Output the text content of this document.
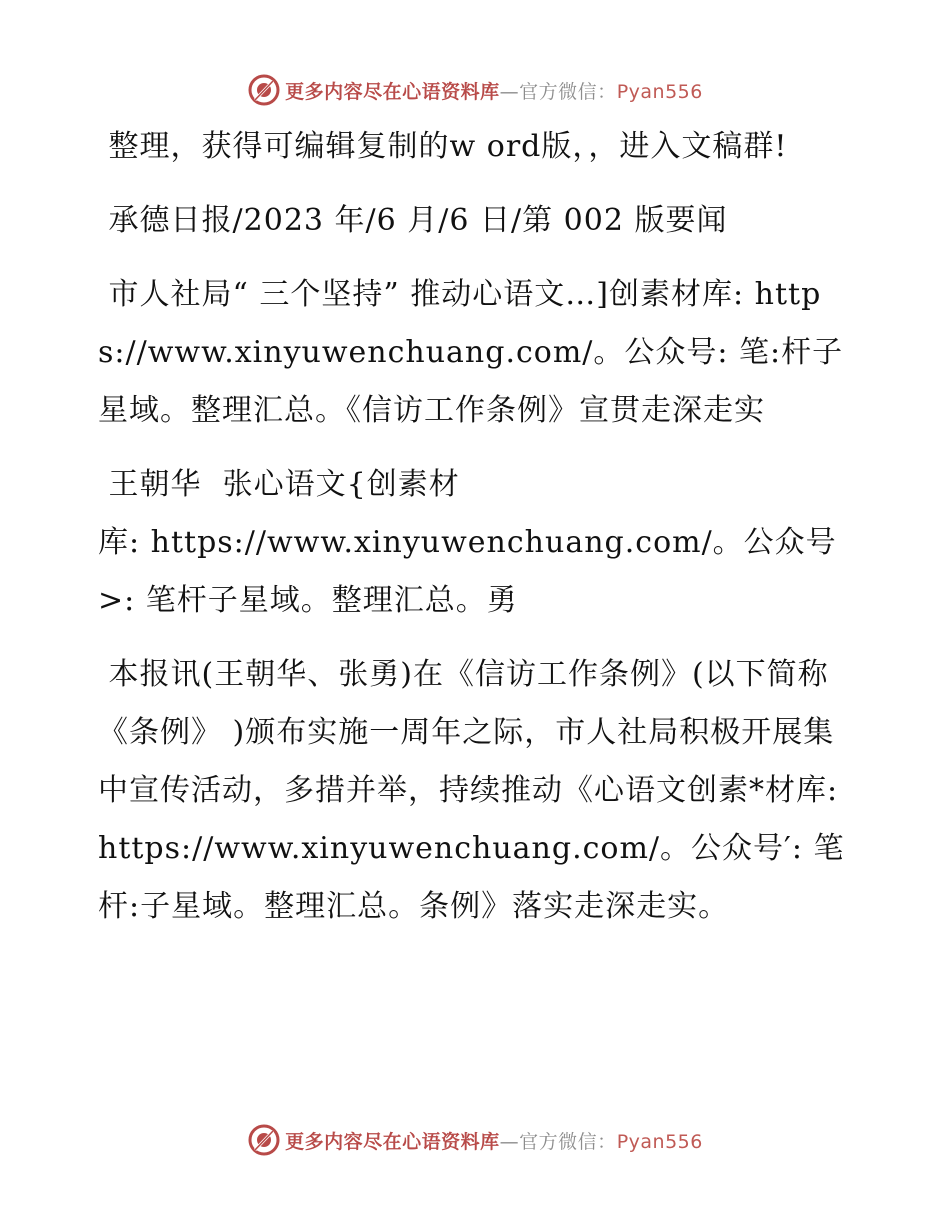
更多内容尽在心语资料库—官方微信：Pyan556

整理，获得可编辑复制的w ord版，，进入文稿群!

承德日报/2023 年/6 月/6 日/第 002 版要闻

市人社局“ 三个坚持” 推动心语文…]创素材库: https://www.xinyuwenchuang.com/。公众号: 笔:杆子星域。整理汇总。《信访工作条例》宣贯走深走实

王朝华  张心语文{创素材
库: https://www.xinyuwenchuang.com/。公众号>: 笔杆子星域。整理汇总。勇

本报讯(王朝华、张勇)在《信访工作条例》(以下简称《条例》 )颁布实施一周年之际，市人社局积极开展集中宣传活动，多措并举，持续推动《心语文创素*材库: https://www.xinyuwenchuang.com/。公众号′: 笔杆:子星域。整理汇总。条例》落实走深走实。

更多内容尽在心语资料库—官方微信：Pyan556
